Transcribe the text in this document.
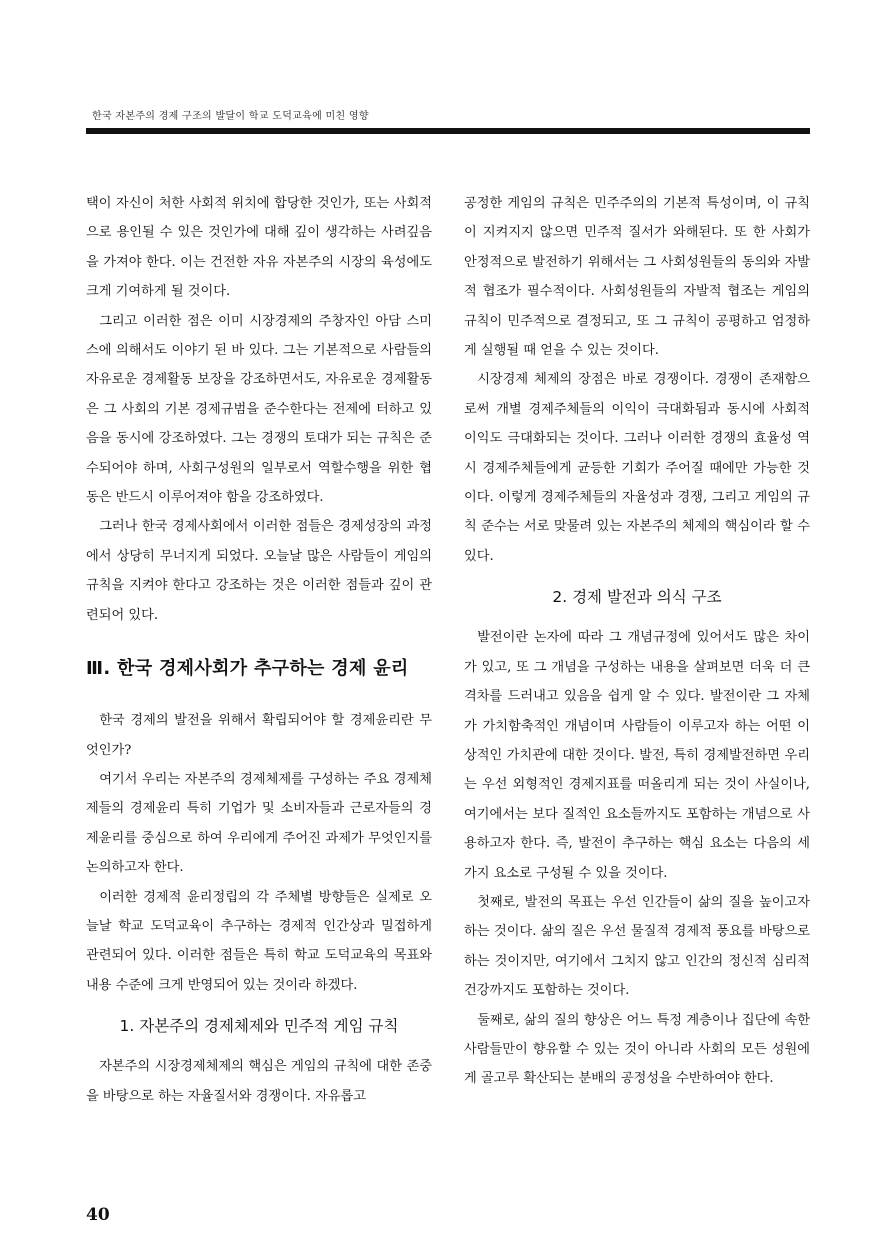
한국 자본주의 경제 구조의 발달이 학교 도덕교육에 미친 영향

택이 자신이 처한 사회적 위치에 합당한 것인가, 또는 사회적으로 용인될 수 있은 것인가에 대해 깊이 생각하는 사려깊음을 가져야 한다. 이는 건전한 자유 자본주의 시장의 육성에도 크게 기여하게 될 것이다.

그리고 이러한 점은 이미 시장경제의 주창자인 아담 스미스에 의해서도 이야기 된 바 있다. 그는 기본적으로 사람들의 자유로운 경제활동 보장을 강조하면서도, 자유로운 경제활동은 그 사회의 기본 경제규범을 준수한다는 전제에 터하고 있음을 동시에 강조하였다. 그는 경쟁의 토대가 되는 규칙은 준수되어야 하며, 사회구성원의 일부로서 역할수행을 위한 협동은 반드시 이루어져야 함을 강조하였다.

그러나 한국 경제사회에서 이러한 점들은 경제성장의 과정에서 상당히 무너지게 되었다. 오늘날 많은 사람들이 게임의 규칙을 지켜야 한다고 강조하는 것은 이러한 점들과 깊이 관련되어 있다.

Ⅲ. 한국 경제사회가 추구하는 경제 윤리

한국 경제의 발전을 위해서 확립되어야 할 경제윤리란 무엇인가?

여기서 우리는 자본주의 경제체제를 구성하는 주요 경제체제들의 경제윤리 특히 기업가 및 소비자들과 근로자들의 경제윤리를 중심으로 하여 우리에게 주어진 과제가 무엇인지를 논의하고자 한다.

이러한 경제적 윤리정립의 각 주체별 방향들은 실제로 오늘날 학교 도덕교육이 추구하는 경제적 인간상과 밀접하게 관련되어 있다. 이러한 점들은 특히 학교 도덕교육의 목표와 내용 수준에 크게 반영되어 있는 것이라 하겠다.

1. 자본주의 경제체제와 민주적 게임 규칙

자본주의 시장경제체제의 핵심은 게임의 규칙에 대한 존중을 바탕으로 하는 자율질서와 경쟁이다. 자유롭고

공정한 게임의 규칙은 민주주의의 기본적 특성이며, 이 규칙이 지켜지지 않으면 민주적 질서가 와해된다. 또 한 사회가 안정적으로 발전하기 위해서는 그 사회성원들의 동의와 자발적 협조가 필수적이다. 사회성원들의 자발적 협조는 게임의 규칙이 민주적으로 결정되고, 또 그 규칙이 공평하고 엄정하게 실행될 때 얻을 수 있는 것이다.

시장경제 체제의 장점은 바로 경쟁이다. 경쟁이 존재함으로써 개별 경제주체들의 이익이 극대화됨과 동시에 사회적 이익도 극대화되는 것이다. 그러나 이러한 경쟁의 효율성 역시 경제주체들에게 균등한 기회가 주어질 때에만 가능한 것이다. 이렇게 경제주체들의 자율성과 경쟁, 그리고 게임의 규칙 준수는 서로 맞물려 있는 자본주의 체제의 핵심이라 할 수 있다.

2. 경제 발전과 의식 구조

발전이란 논자에 따라 그 개념규정에 있어서도 많은 차이가 있고, 또 그 개념을 구성하는 내용을 살펴보면 더욱 더 큰 격차를 드러내고 있음을 쉽게 알 수 있다. 발전이란 그 자체가 가치함축적인 개념이며 사람들이 이루고자 하는 어떤 이상적인 가치관에 대한 것이다. 발전, 특히 경제발전하면 우리는 우선 외형적인 경제지표를 떠올리게 되는 것이 사실이나, 여기에서는 보다 질적인 요소들까지도 포함하는 개념으로 사용하고자 한다. 즉, 발전이 추구하는 핵심 요소는 다음의 세가지 요소로 구성될 수 있을 것이다.

첫째로, 발전의 목표는 우선 인간들이 삶의 질을 높이고자 하는 것이다. 삶의 질은 우선 물질적 경제적 풍요를 바탕으로 하는 것이지만, 여기에서 그치지 않고 인간의 정신적 심리적 건강까지도 포함하는 것이다.

둘째로, 삶의 질의 향상은 어느 특정 계층이나 집단에 속한 사람들만이 향유할 수 있는 것이 아니라 사회의 모든 성원에게 골고루 확산되는 분배의 공정성을 수반하여야 한다.

40
